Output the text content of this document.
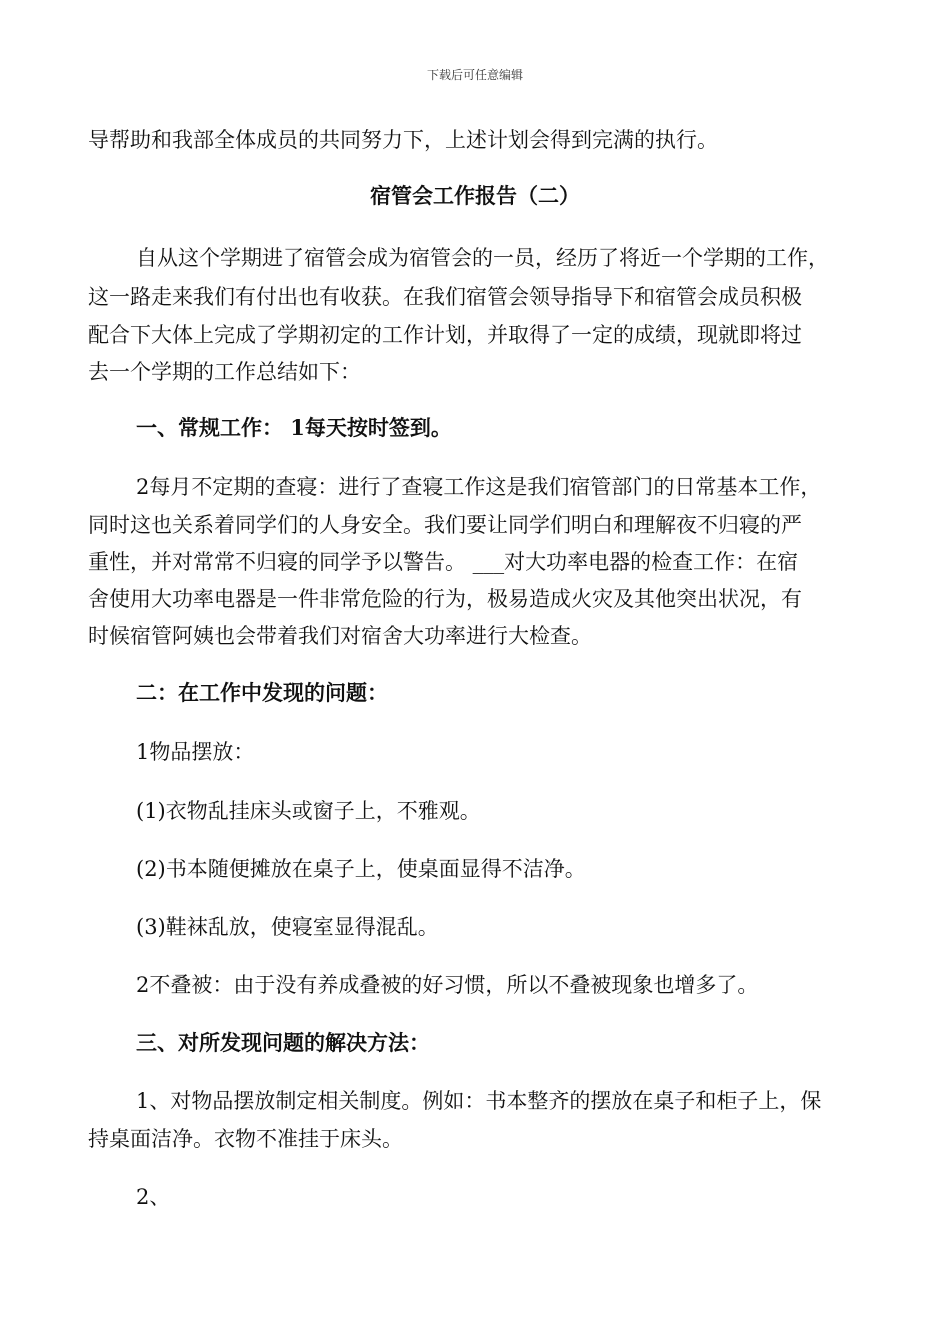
下载后可任意编辑
导帮助和我部全体成员的共同努力下，上述计划会得到完满的执行。
宿管会工作报告（二）
自从这个学期进了宿管会成为宿管会的一员，经历了将近一个学期的工作，
这一路走来我们有付出也有收获。在我们宿管会领导指导下和宿管会成员积极
配合下大体上完成了学期初定的工作计划，并取得了一定的成绩，现就即将过
去一个学期的工作总结如下：
一、常规工作： 1每天按时签到。
2每月不定期的查寝：进行了查寝工作这是我们宿管部门的日常基本工作，
同时这也关系着同学们的人身安全。我们要让同学们明白和理解夜不归寝的严
重性，并对常常不归寝的同学予以警告。 ___对大功率电器的检查工作：在宿
舍使用大功率电器是一件非常危险的行为，极易造成火灾及其他突出状况，有
时候宿管阿姨也会带着我们对宿舍大功率进行大检查。
二：在工作中发现的问题：
1物品摆放：
(1)衣物乱挂床头或窗子上，不雅观。
(2)书本随便摊放在桌子上，使桌面显得不洁净。
(3)鞋袜乱放，使寝室显得混乱。
2不叠被：由于没有养成叠被的好习惯，所以不叠被现象也增多了。
三、对所发现问题的解决方法：
1、对物品摆放制定相关制度。例如：书本整齐的摆放在桌子和柜子上，保
持桌面洁净。衣物不准挂于床头。
2、
